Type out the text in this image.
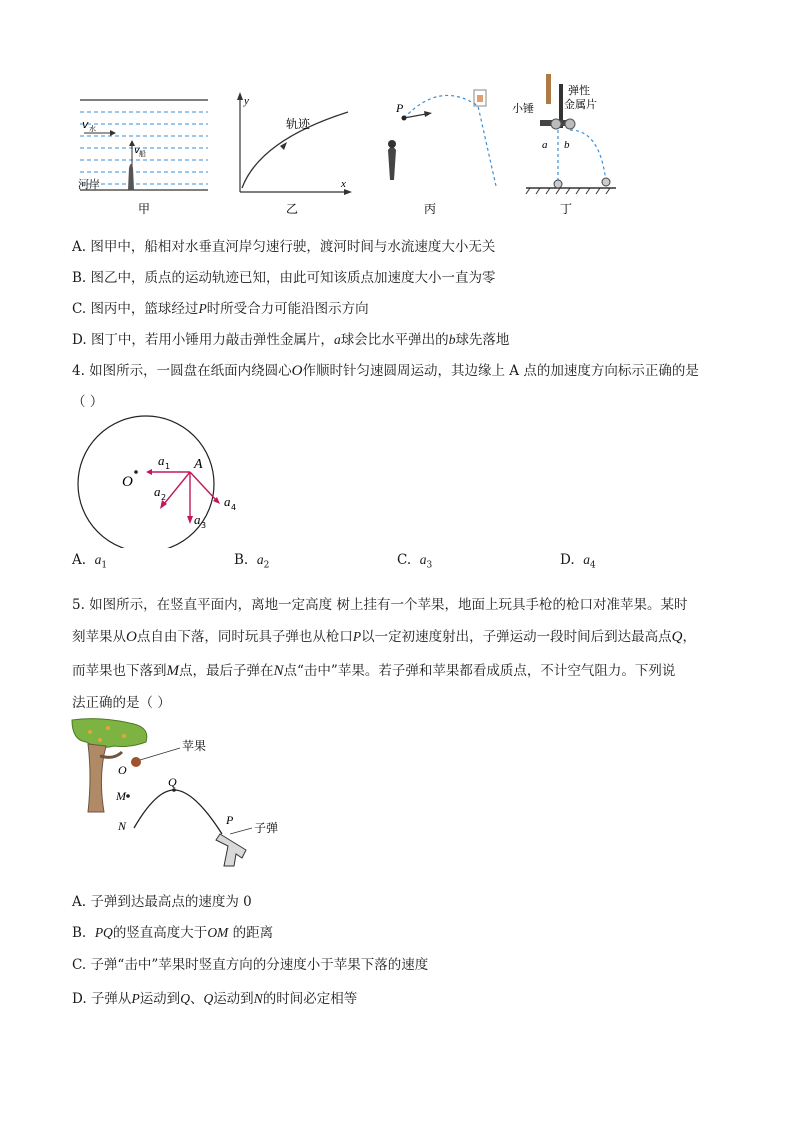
v 水
v 船
河岸
y
x
轨迹
P	小锤
弹性
金属片
a b
甲	乙	丙	丁
A. 图甲中，船相对水垂直河岸匀速行驶，渡河时间与水流速度大小无关
B. 图乙中，质点的运动轨迹已知，由此可知该质点加速度大小一直为零
C. 图丙中，篮球经过P时所受合力可能沿图示方向
D. 图丁中，若用小锤用力敲击弹性金属片，a球会比水平弹出的b球先落地
4. 如图所示，一圆盘在纸面内绕圆心O作顺时针匀速圆周运动，其边缘上 A 点的加速度方向标示正确的是
（ ）
O
A
a 1
a 2
a 3
a 4
A. $a_1$	B. $a_2$	C. $a_3$	D. $a_4$
5. 如图所示，在竖直平面内，离地一定高度 树上挂有一个苹果，地面上玩具手枪的枪口对准苹果。某时
刻苹果从O点自由下落，同时玩具子弹也从枪口P以一定初速度射出，子弹运动一段时间后到达最高点Q，
而苹果也下落到M点，最后子弹在N点“击中”苹果。若子弹和苹果都看成质点，不计空气阻力。下列说
法正确的是（ ）
苹果
O
M
Q
N	P
子弹
A. 子弹到达最高点的速度为 0
B. PQ的竖直高度大于OM 的距离
C. 子弹“击中”苹果时竖直方向的分速度小于苹果下落的速度
D. 子弹从P运动到Q、Q运动到N的时间必定相等
